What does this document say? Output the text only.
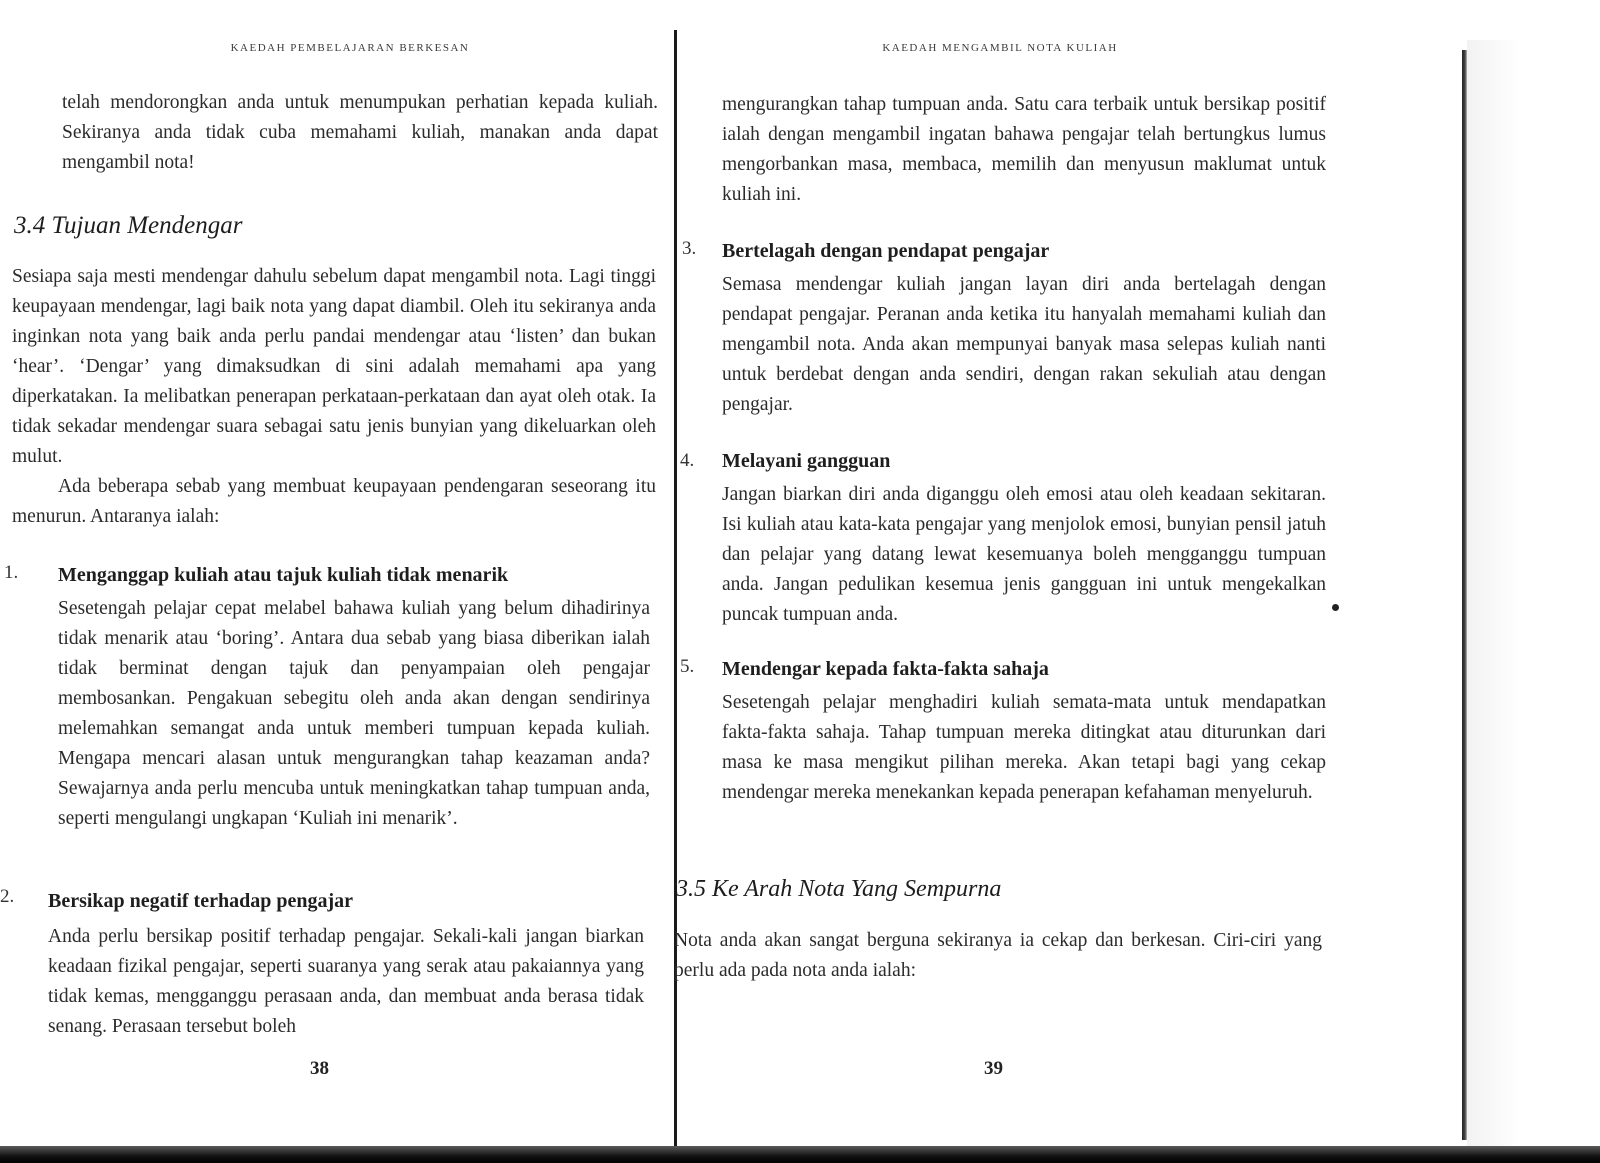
KAEDAH PEMBELAJARAN BERKESAN

telah mendorongkan anda untuk menumpukan perhatian kepada kuliah. Sekiranya anda tidak cuba memahami kuliah, manakan anda dapat mengambil nota!

3.4 Tujuan Mendengar

Sesiapa saja mesti mendengar dahulu sebelum dapat mengambil nota. Lagi tinggi keupayaan mendengar, lagi baik nota yang dapat diambil. Oleh itu sekiranya anda inginkan nota yang baik anda perlu pandai mendengar atau ‘listen’ dan bukan ‘hear’. ‘Dengar’ yang dimaksudkan di sini adalah memahami apa yang diperkatakan. Ia melibatkan penerapan perkataan-perkataan dan ayat oleh otak. Ia tidak sekadar mendengar suara sebagai satu jenis bunyian yang dikeluarkan oleh mulut.

Ada beberapa sebab yang membuat keupayaan pendengaran seseorang itu menurun. Antaranya ialah:

1. Menganggap kuliah atau tajuk kuliah tidak menarik

Sesetengah pelajar cepat melabel bahawa kuliah yang belum dihadirinya tidak menarik atau ‘boring’. Antara dua sebab yang biasa diberikan ialah tidak berminat dengan tajuk dan penyampaian oleh pengajar membosankan. Pengakuan sebegitu oleh anda akan dengan sendirinya melemahkan semangat anda untuk memberi tumpuan kepada kuliah. Mengapa mencari alasan untuk mengurangkan tahap keazaman anda? Sewajarnya anda perlu mencuba untuk meningkatkan tahap tumpuan anda, seperti mengulangi ungkapan ‘Kuliah ini menarik’.

2. Bersikap negatif terhadap pengajar

Anda perlu bersikap positif terhadap pengajar. Sekali-kali jangan biarkan keadaan fizikal pengajar, seperti suaranya yang serak atau pakaiannya yang tidak kemas, mengganggu perasaan anda, dan membuat anda berasa tidak senang. Perasaan tersebut boleh

38
KAEDAH MENGAMBIL NOTA KULIAH

mengurangkan tahap tumpuan anda. Satu cara terbaik untuk bersikap positif ialah dengan mengambil ingatan bahawa pengajar telah bertungkus lumus mengorbankan masa, membaca, memilih dan menyusun maklumat untuk kuliah ini.

3. Bertelagah dengan pendapat pengajar

Semasa mendengar kuliah jangan layan diri anda bertelagah dengan pendapat pengajar. Peranan anda ketika itu hanyalah memahami kuliah dan mengambil nota. Anda akan mempunyai banyak masa selepas kuliah nanti untuk berdebat dengan anda sendiri, dengan rakan sekuliah atau dengan pengajar.

4. Melayani gangguan

Jangan biarkan diri anda diganggu oleh emosi atau oleh keadaan sekitaran. Isi kuliah atau kata-kata pengajar yang menjolok emosi, bunyian pensil jatuh dan pelajar yang datang lewat kesemuanya boleh mengganggu tumpuan anda. Jangan pedulikan kesemua jenis gangguan ini untuk mengekalkan puncak tumpuan anda.

5. Mendengar kepada fakta-fakta sahaja

Sesetengah pelajar menghadiri kuliah semata-mata untuk mendapatkan fakta-fakta sahaja. Tahap tumpuan mereka ditingkat atau diturunkan dari masa ke masa mengikut pilihan mereka. Akan tetapi bagi yang cekap mendengar mereka menekankan kepada penerapan kefahaman menyeluruh.

3.5 Ke Arah Nota Yang Sempurna

Nota anda akan sangat berguna sekiranya ia cekap dan berkesan. Ciri-ciri yang perlu ada pada nota anda ialah:

39
